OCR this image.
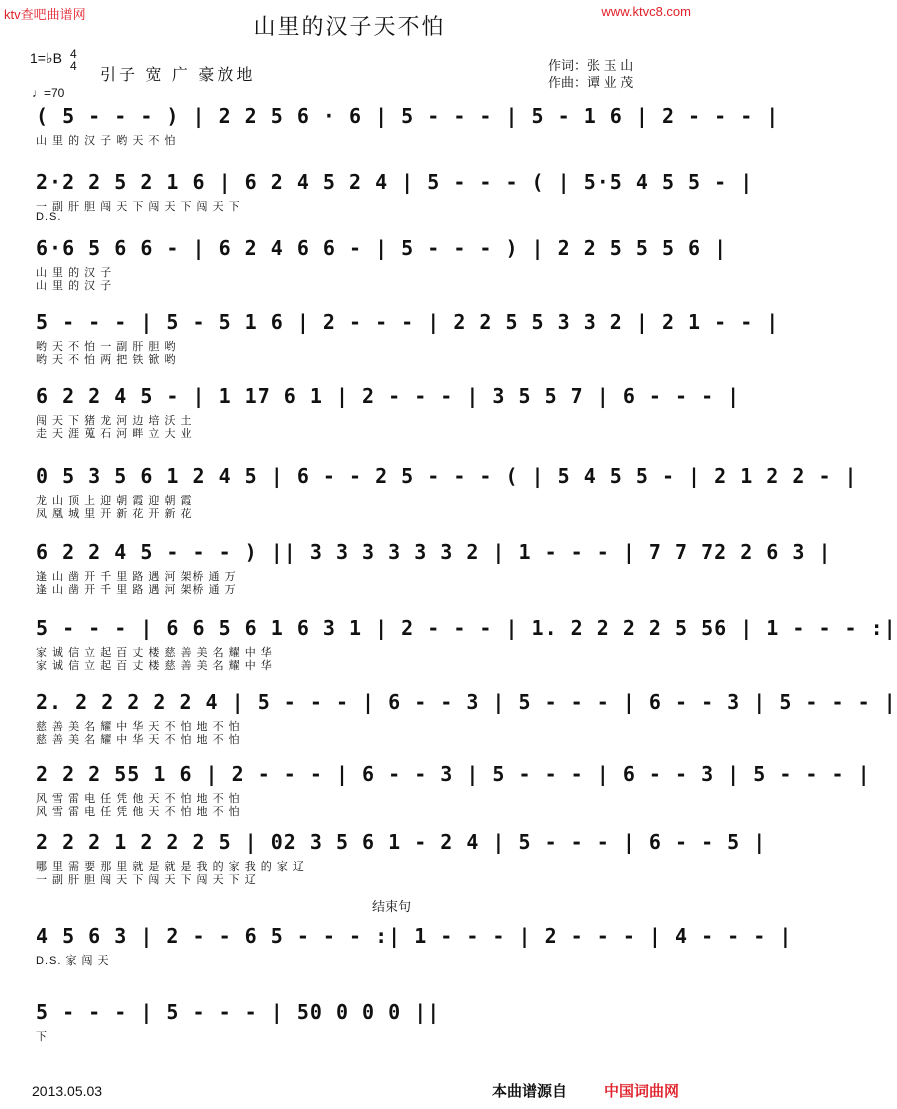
ktv查吧曲谱网	www.ktvc8.com
山里的汉子天不怕
1=♭B 4
4
♩=70
引子 宽 广 豪放地
作词：张 玉 山
作曲：谭 业 茂
( 5 - - - ) | 2 2 5 6 · 6 | 5 - - - | 5 - 1 6 | 2 - - - |
山 里 的 汉 子 哟 天 不 怕
2·2 2 5 2 1 6 | 6 2 4 5 2 4 | 5 - - - ( | 5·5 4 5 5 - |
一 副 肝 胆 闯 天 下 闯 天 下 闯 天 下
D.S.
6·6 5 6 6 - | 6 2 4 6 6 - | 5 - - - ) | 2 2 5 5 5 6 |
山 里 的 汉 子
山 里 的 汉 子
5 - - - | 5 - 5 1 6 | 2 - - - | 2 2 5 5 3 3 2 | 2 1 - - |
哟 天 不 怕 一 副 肝 胆 哟
哟 天 不 怕 两 把 铁 锨 哟
6 2 2 4 5 - | 1 17 6 1 | 2 - - - | 3 5 5 7 | 6 - - - |
闯 天 下 猪 龙 河 边 培 沃 土
走 天 涯 蒐 石 河 畔 立 大 业
0 5 3 5 6 1 2 4 5 | 6 - - 2 5 - - - ( | 5 4 5 5 - | 2 1 2 2 - |
龙 山 顶 上 迎 朝 霞 迎 朝 霞
凤 凰 城 里 开 新 花 开 新 花
6 2 2 4 5 - - - ) || 3 3 3 3 3 3 2 | 1 - - - | 7 7 72 2 6 3 |
逢 山 凿 开 千 里 路 遇 河 架桥 通 万
逢 山 凿 开 千 里 路 遇 河 架桥 通 万
5 - - - | 6 6 5 6 1 6 3 1 | 2 - - - | 1. 2 2 2 2 5 56 | 1 - - - :|
家 诚 信 立 起 百 丈 楼 慈 善 美 名 耀 中 华
家 诚 信 立 起 百 丈 楼 慈 善 美 名 耀 中 华
2. 2 2 2 2 2 4 | 5 - - - | 6 - - 3 | 5 - - - | 6 - - 3 | 5 - - - |
慈 善 美 名 耀 中 华 天 不 怕 地 不 怕
慈 善 美 名 耀 中 华 天 不 怕 地 不 怕
2 2 2 55 1 6 | 2 - - - | 6 - - 3 | 5 - - - | 6 - - 3 | 5 - - - |
风 雪 雷 电 任 凭 他 天 不 怕 地 不 怕
风 雪 雷 电 任 凭 他 天 不 怕 地 不 怕
2 2 2 1 2 2 2 5 | 02 3 5 6 1 - 2 4 | 5 - - - | 6 - - 5 |
哪 里 需 要 那 里 就 是 就 是 我 的 家 我 的 家 辽
一 副 肝 胆 闯 天 下 闯 天 下 闯 天 下 辽
结束句
4 5 6 3 | 2 - - 6 5 - - - :| 1 - - - | 2 - - - | 4 - - - |
D.S. 家 闯 天
5 - - - | 5 - - - | 50 0 0 0 ||
下
2013.05.03	本曲谱源自 中国词曲网
